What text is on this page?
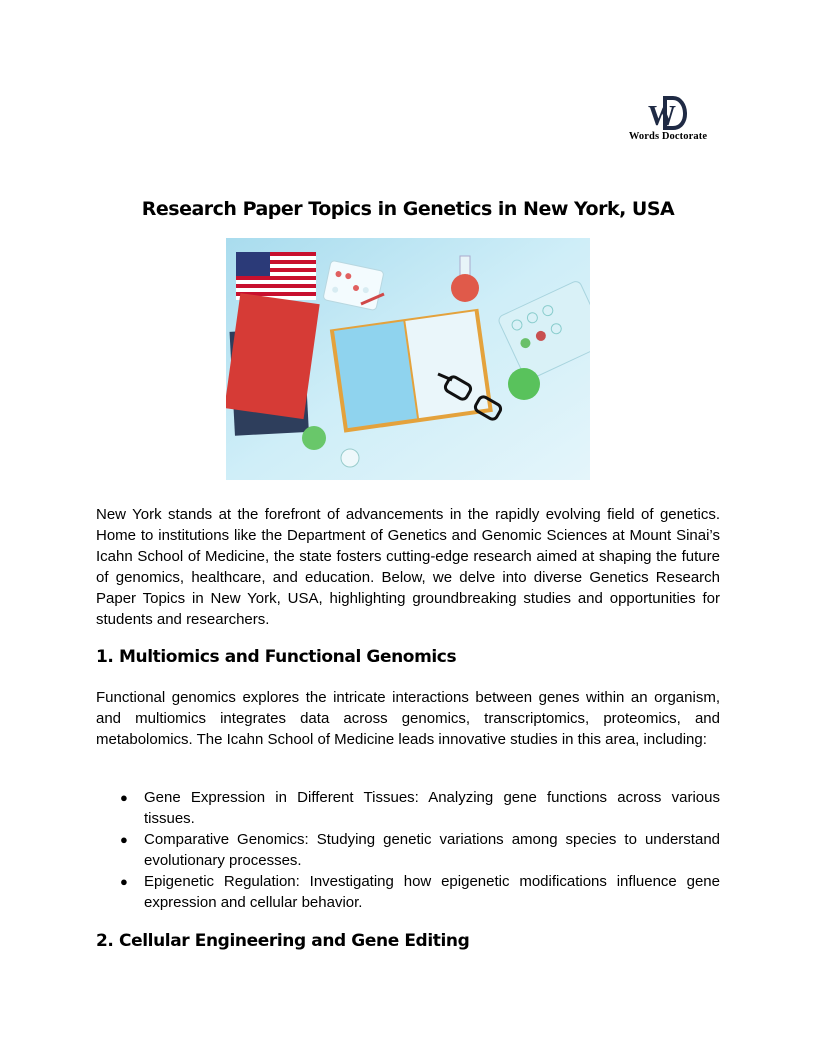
W
Words Doctorate
Research Paper Topics in Genetics in New York, USA

New York stands at the forefront of advancements in the rapidly evolving field of genetics. Home to institutions like the Department of Genetics and Genomic Sciences at Mount Sinai’s Icahn School of Medicine, the state fosters cutting-edge research aimed at shaping the future of genomics, healthcare, and education. Below, we delve into diverse Genetics Research Paper Topics in New York, USA, highlighting groundbreaking studies and opportunities for students and researchers.

1. Multiomics and Functional Genomics

Functional genomics explores the intricate interactions between genes within an organism, and multiomics integrates data across genomics, transcriptomics, proteomics, and metabolomics. The Icahn School of Medicine leads innovative studies in this area, including:

●	Gene Expression in Different Tissues: Analyzing gene functions across various tissues.
●	Comparative Genomics: Studying genetic variations among species to understand evolutionary processes.
●	Epigenetic Regulation: Investigating how epigenetic modifications influence gene expression and cellular behavior.
2. Cellular Engineering and Gene Editing
